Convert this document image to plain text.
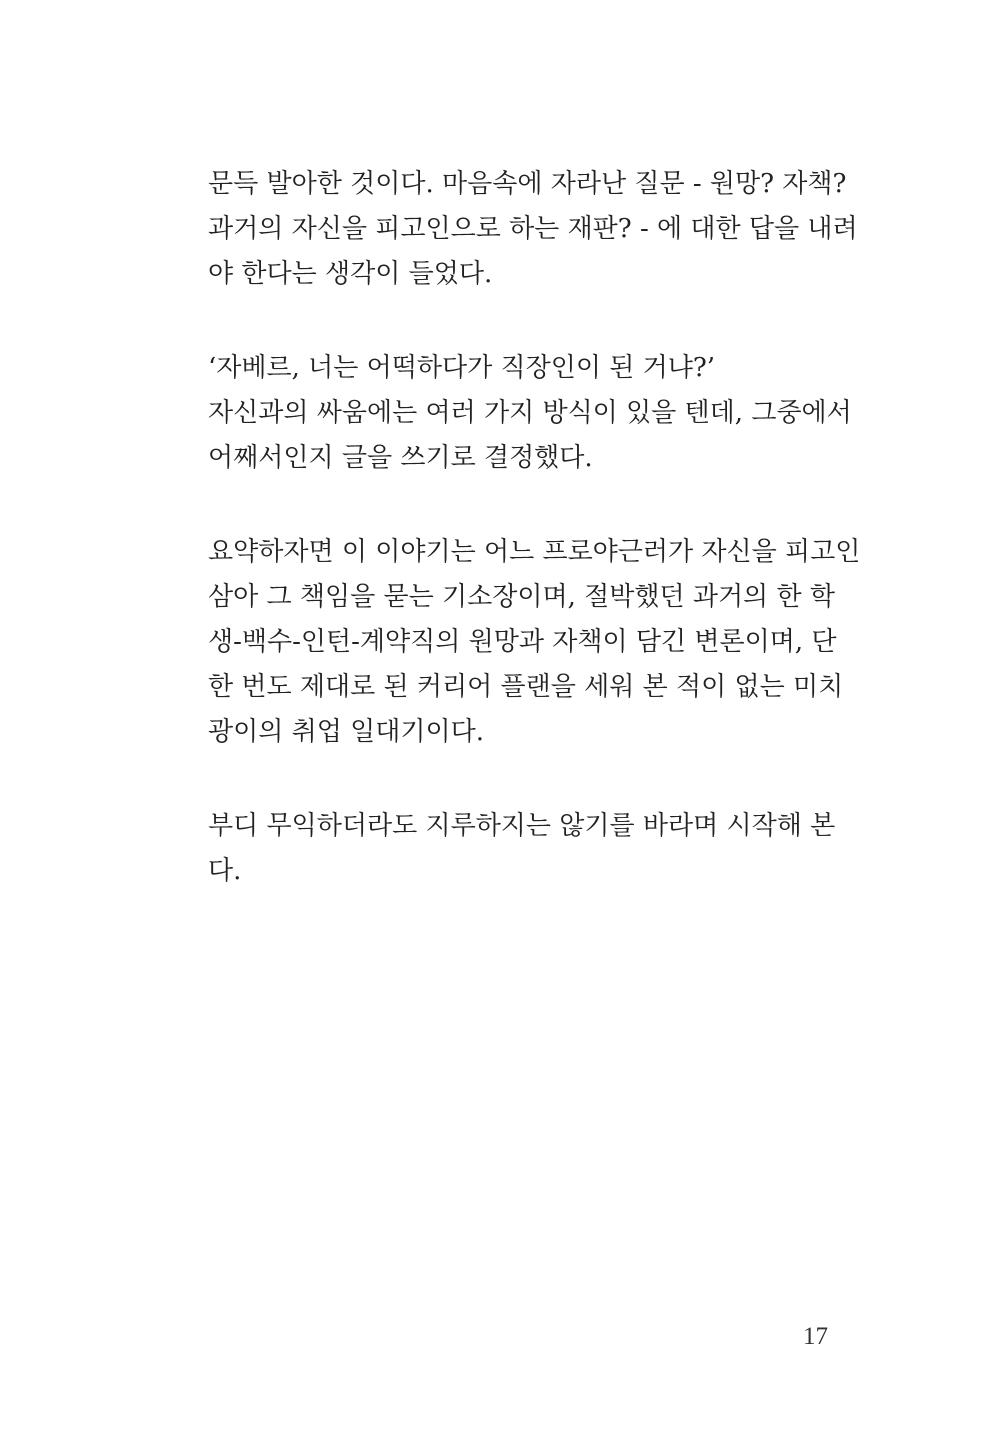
문득 발아한 것이다. 마음속에 자라난 질문 - 원망? 자책?
과거의 자신을 피고인으로 하는 재판? - 에 대한 답을 내려
야 한다는 생각이 들었다.
‘자베르, 너는 어떡하다가 직장인이 된 거냐?’
자신과의 싸움에는 여러 가지 방식이 있을 텐데, 그중에서
어째서인지 글을 쓰기로 결정했다.
요약하자면 이 이야기는 어느 프로야근러가 자신을 피고인
삼아 그 책임을 묻는 기소장이며, 절박했던 과거의 한 학
생-백수-인턴-계약직의 원망과 자책이 담긴 변론이며, 단
한 번도 제대로 된 커리어 플랜을 세워 본 적이 없는 미치
광이의 취업 일대기이다.
부디 무익하더라도 지루하지는 않기를 바라며 시작해 본
다.
17
